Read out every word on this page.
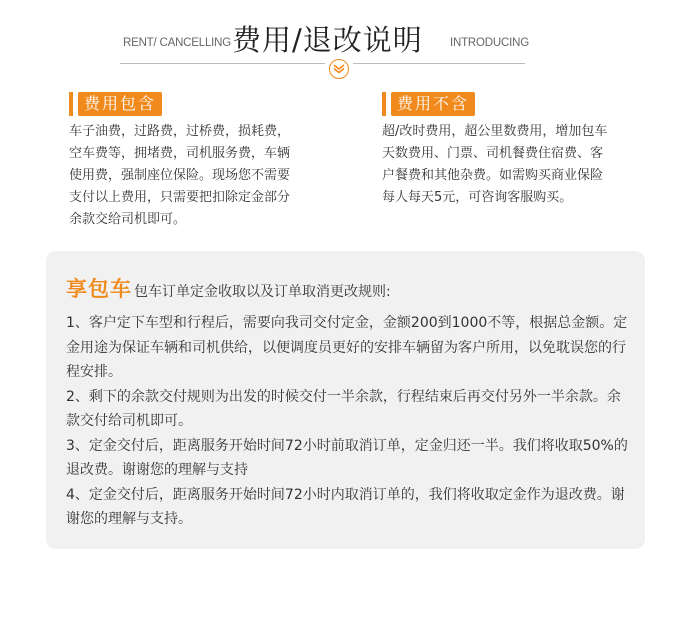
RENT/ CANCELLING 费用/退改说明 INTRODUCING
费用包含
车子油费，过路费，过桥费，损耗费，
空车费等，拥堵费，司机服务费，车辆
使用费，强制座位保险。现场您不需要
支付以上费用，只需要把扣除定金部分
余款交给司机即可。
费用不含
超/改时费用，超公里数费用，增加包车
天数费用、门票、司机餐费住宿费、客
户餐费和其他杂费。如需购买商业保险
每人每天5元，可咨询客服购买。
享包车 包车订单定金收取以及订单取消更改规则:

1、客户定下车型和行程后，需要向我司交付定金，金额200到1000不等，根据总金额。定金用途为保证车辆和司机供给，以便调度员更好的安排车辆留为客户所用，以免耽误您的行程安排。

2、剩下的余款交付规则为出发的时候交付一半余款，行程结束后再交付另外一半余款。余款交付给司机即可。

3、定金交付后，距离服务开始时间72小时前取消订单，定金归还一半。我们将收取50%的退改费。谢谢您的理解与支持

4、定金交付后，距离服务开始时间72小时内取消订单的，我们将收取定金作为退改费。谢谢您的理解与支持。
